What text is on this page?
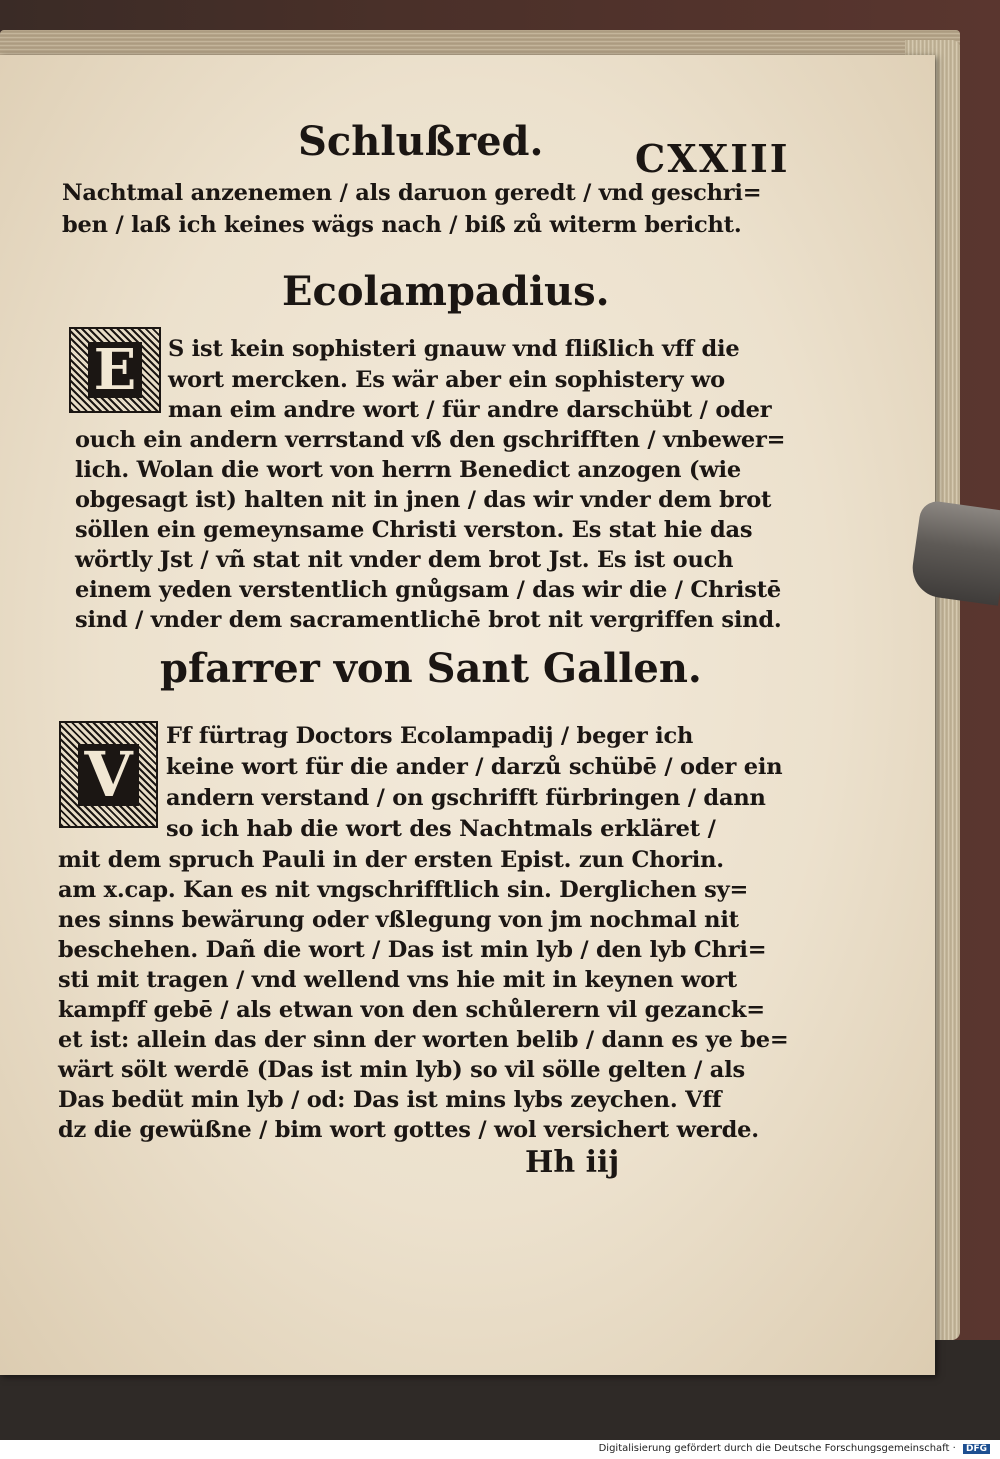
Schlußred. CXXIII
Nachtmal anzenemen / als daruon geredt / vnd geschri=
ben / laß ich keines wägs nach / biß zů witerm bericht.
Ecolampadius.
E S ist kein sophisteri gnauw vnd flißlich vff die
wort mercken. Es wär aber ein sophistery wo
man eim andre wort / für andre darschübt / oder
ouch ein andern verrstand vß den gschrifften / vnbewer=
lich. Wolan die wort von herrn Benedict anzogen (wie
obgesagt ist) halten nit in jnen / das wir vnder dem brot
söllen ein gemeynsame Christi verston. Es stat hie das
wörtly Jst / vñ stat nit vnder dem brot Jst. Es ist ouch
einem yeden verstentlich gnůgsam / das wir die / Christē
sind / vnder dem sacramentlichē brot nit vergriffen sind.
pfarrer von Sant Gallen.
V
Ff fürtrag Doctors Ecolampadij / beger ich
keine wort für die ander / darzů schübē / oder ein
andern verstand / on gschrifft fürbringen / dann
so ich hab die wort des Nachtmals erkläret /
mit dem spruch Pauli in der ersten Epist. zun Chorin.
am x.cap. Kan es nit vngschrifftlich sin. Derglichen sy=
nes sinns bewärung oder vßlegung von jm nochmal nit
beschehen. Dañ die wort / Das ist min lyb / den lyb Chri=
sti mit tragen / vnd wellend vns hie mit in keynen wort
kampff gebē / als etwan von den schůlerern vil gezanck=
et ist: allein das der sinn der worten belib / dann es ye be=
wärt sölt werdē (Das ist min lyb) so vil sölle gelten / als
Das bedüt min lyb / od: Das ist mins lybs zeychen. Vff
dz die gewüßne / bim wort gottes / wol versichert werde.
Hh iij
Digitalisierung gefördert durch die Deutsche Forschungsgemeinschaft · DFG
